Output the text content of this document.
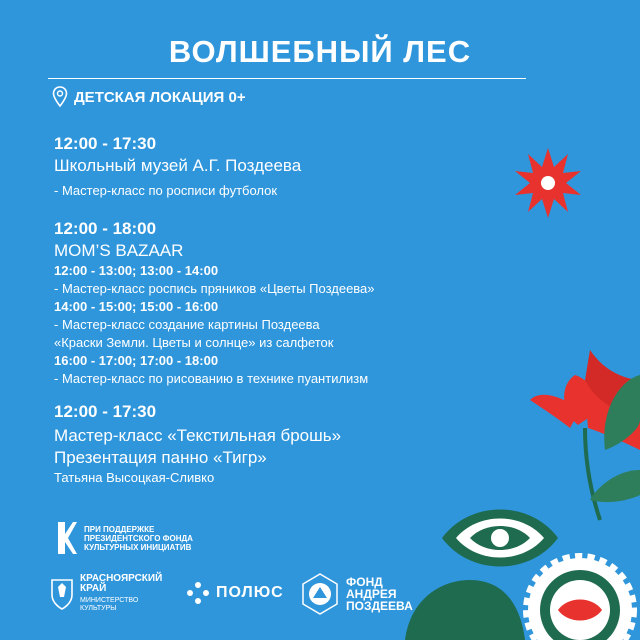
ВОЛШЕБНЫЙ ЛЕС
ДЕТСКАЯ ЛОКАЦИЯ 0+
12:00 - 17:30
Школьный музей А.Г. Поздеева
- Мастер-класс по росписи футболок
12:00 - 18:00
MOM’S BAZAAR
12:00 - 13:00; 13:00 - 14:00
- Мастер-класс роспись пряников «Цветы Поздеева»
14:00 - 15:00; 15:00 - 16:00
- Мастер-класс создание картины Поздеева
«Краски Земли. Цветы и солнце» из салфеток
16:00 - 17:00; 17:00 - 18:00
- Мастер-класс по рисованию в технике пуантилизм
12:00 - 17:30
Мастер-класс «Текстильная брошь»
Презентация панно «Тигр»
Татьяна Высоцкая-Сливко
ПРИ ПОДДЕРЖКЕ
ПРЕЗИДЕНТСКОГО ФОНДА
КУЛЬТУРНЫХ ИНИЦИАТИВ
КРАСНОЯРСКИЙ
КРАЙ
МИНИСТЕРСТВО
КУЛЬТУРЫ
ПОЛЮС
ФОНД
АНДРЕЯ
ПОЗДЕЕВА
